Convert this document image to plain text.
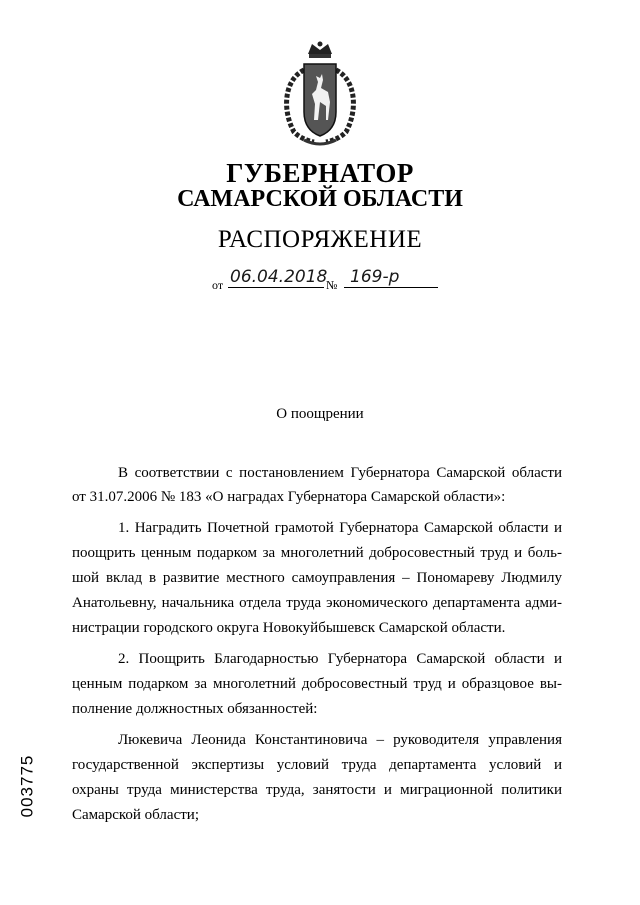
ГУБЕРНАТОР
САМАРСКОЙ ОБЛАСТИ
РАСПОРЯЖЕНИЕ
от 06.04.2018
№ 169-р
О поощрении
В соответствии с постановлением Губернатора Самарской области
от 31.07.2006 № 183 «О наградах Губернатора Самарской области»:
1. Наградить Почетной грамотой Губернатора Самарской области и
поощрить ценным подарком за многолетний добросовестный труд и боль-
шой вклад в развитие местного самоуправления – Пономареву Людмилу
Анатольевну, начальника отдела труда экономического департамента адми-
нистрации городского округа Новокуйбышевск Самарской области.
2. Поощрить Благодарностью Губернатора Самарской области и
ценным подарком за многолетний добросовестный труд и образцовое вы-
полнение должностных обязанностей:
Люкевича Леонида Константиновича – руководителя управления
государственной экспертизы условий труда департамента условий и
охраны труда министерства труда, занятости и миграционной политики
Самарской области;
003775
